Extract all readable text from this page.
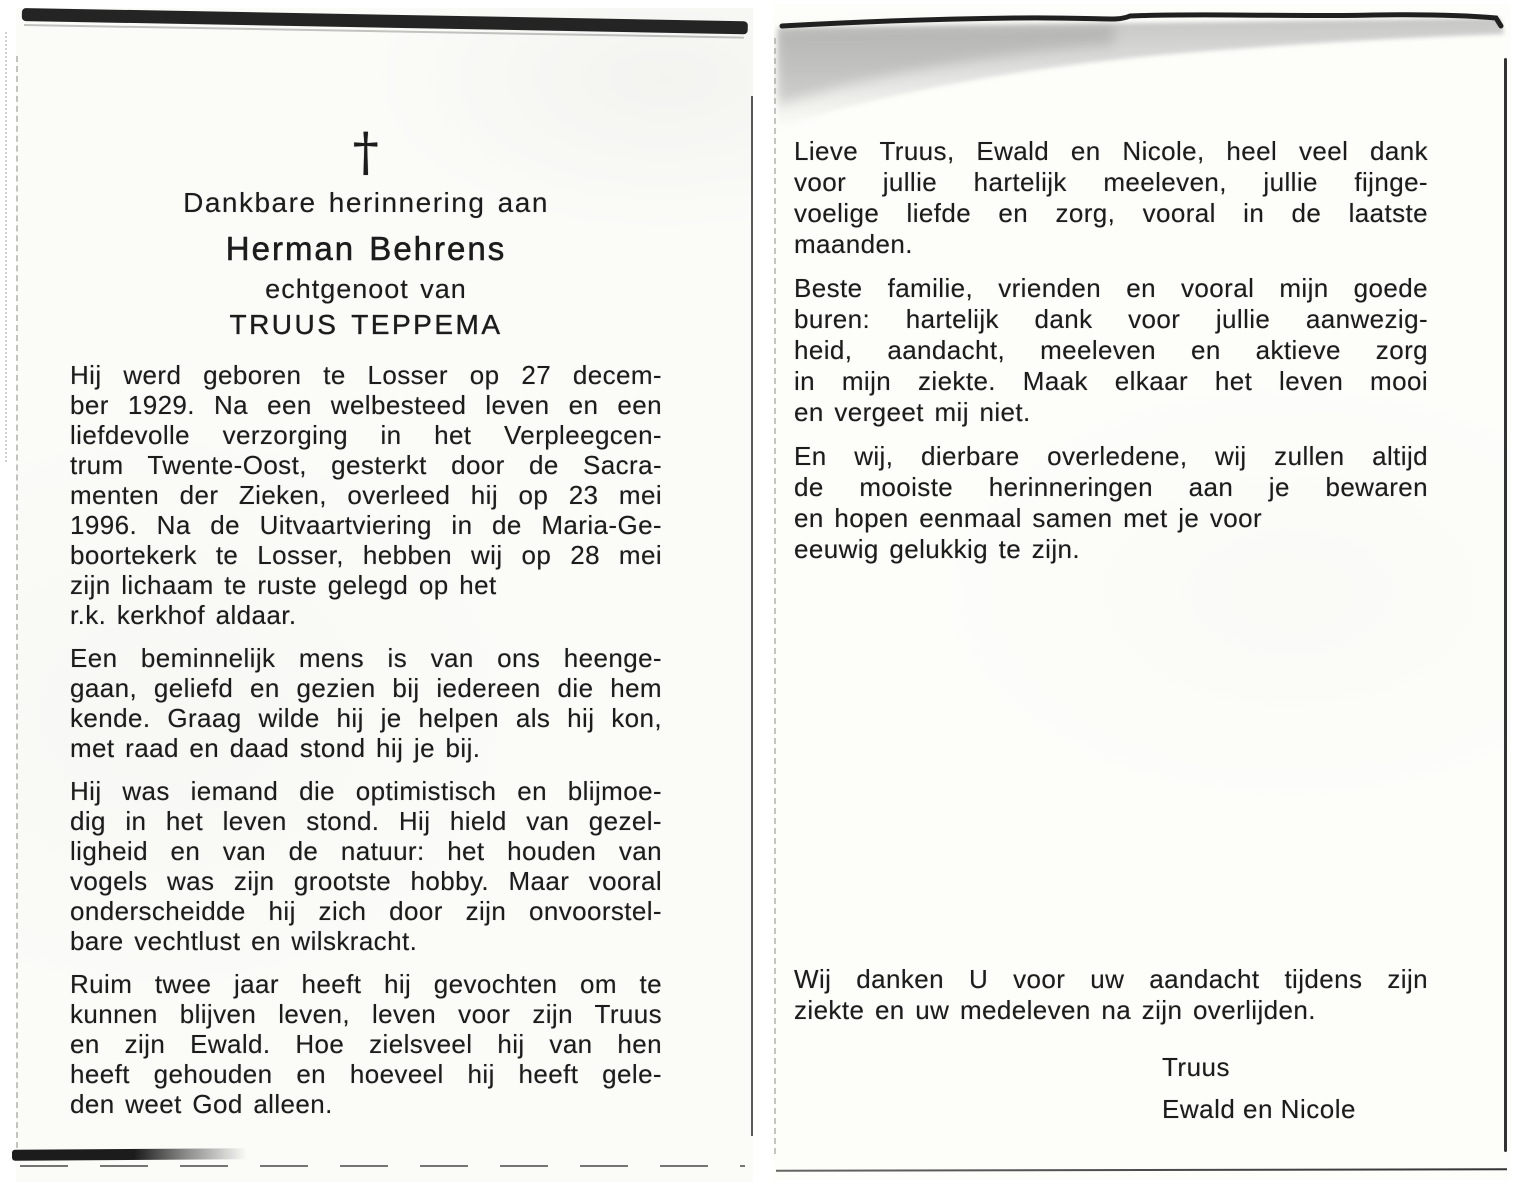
†
Dankbare herinnering aan
Herman Behrens
echtgenoot van
TRUUS TEPPEMA
Hij werd geboren te Losser op 27 decem-
ber 1929. Na een welbesteed leven en een
liefdevolle verzorging in het Verpleegcen-
trum Twente-Oost, gesterkt door de Sacra-
menten der Zieken, overleed hij op 23 mei
1996. Na de Uitvaartviering in de Maria-Ge-
boortekerk te Losser, hebben wij op 28 mei
zijn lichaam te ruste gelegd op het
r.k. kerkhof aldaar.
Een beminnelijk mens is van ons heenge-
gaan, geliefd en gezien bij iedereen die hem
kende. Graag wilde hij je helpen als hij kon,
met raad en daad stond hij je bij.
Hij was iemand die optimistisch en blijmoe-
dig in het leven stond. Hij hield van gezel-
ligheid en van de natuur: het houden van
vogels was zijn grootste hobby. Maar vooral
onderscheidde hij zich door zijn onvoorstel-
bare vechtlust en wilskracht.
Ruim twee jaar heeft hij gevochten om te
kunnen blijven leven, leven voor zijn Truus
en zijn Ewald. Hoe zielsveel hij van hen
heeft gehouden en hoeveel hij heeft gele-
den weet God alleen.
Lieve Truus, Ewald en Nicole, heel veel dank
voor jullie hartelijk meeleven, jullie fijnge-
voelige liefde en zorg, vooral in de laatste
maanden.
Beste familie, vrienden en vooral mijn goede
buren: hartelijk dank voor jullie aanwezig-
heid, aandacht, meeleven en aktieve zorg
in mijn ziekte. Maak elkaar het leven mooi
en vergeet mij niet.
En wij, dierbare overledene, wij zullen altijd
de mooiste herinneringen aan je bewaren
en hopen eenmaal samen met je voor
eeuwig gelukkig te zijn.
Wij danken U voor uw aandacht tijdens zijn
ziekte en uw medeleven na zijn overlijden.
Truus
Ewald en Nicole
